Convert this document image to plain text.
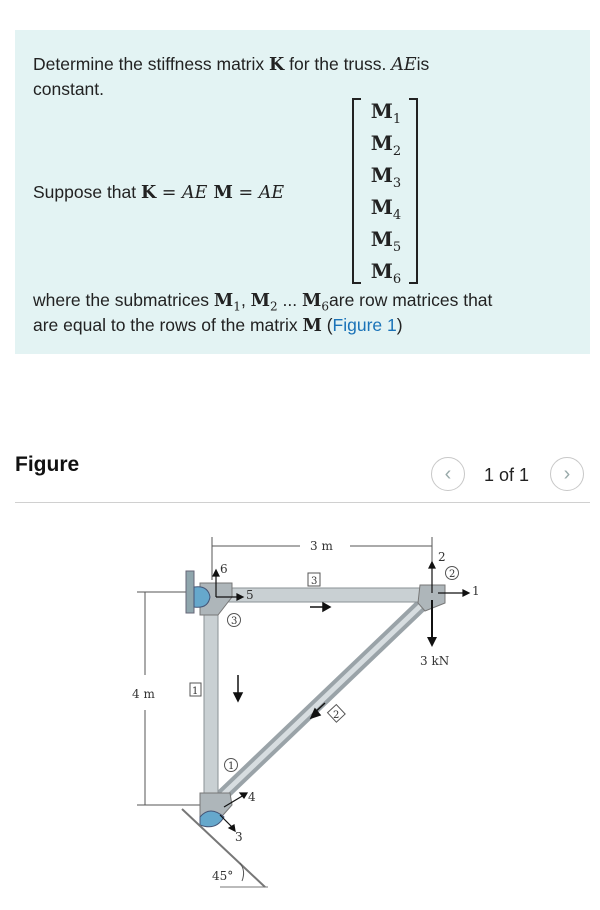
Determine the stiffness matrix K for the truss. AEis
constant.
Suppose that K = AE M = AE
$M_1$
$M_2$
$M_3$
$M_4$
$M_5$
$M_6$
where the submatrices $M_1$, $M_2$ ... $M_6are$ row matrices that
are equal to the rows of the matrix M (Figure 1)
Figure	‹ 1 of 1 ›
3 m
4 m
3 kN
5
6
1
2
4
3
1
3
2
3
2
1
45°
